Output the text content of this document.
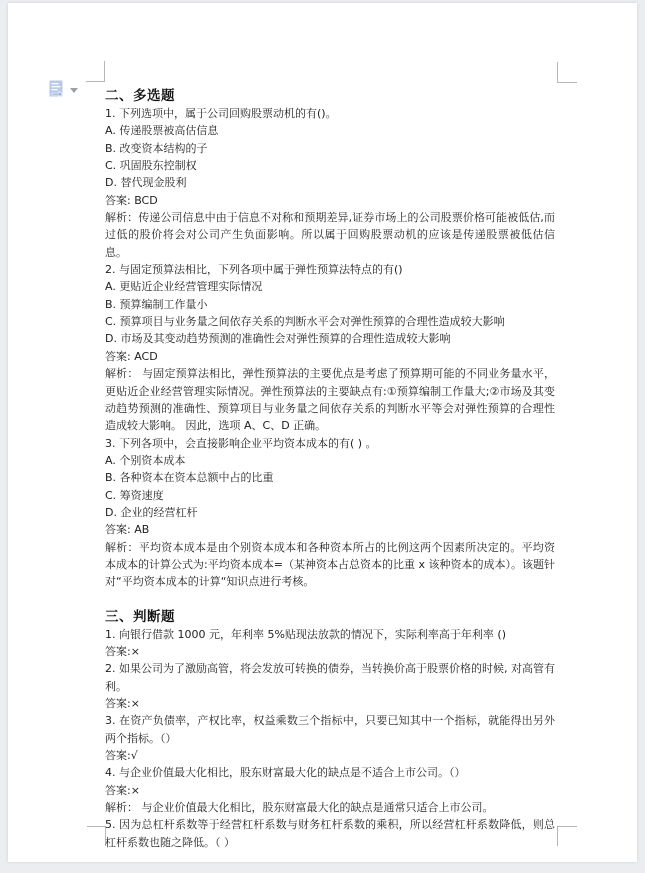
二、多选题
1. 下列选项中，属于公司回购股票动机的有()。
A. 传递股票被高估信息
B. 改变资本结构的子
C. 巩固股东控制权
D. 替代现金股利
答案: BCD
解析：传递公司信息中由于信息不对称和预期差异,证券市场上的公司股票价格可能被低估,而过低的股价将会对公司产生负面影响。所以属于回购股票动机的应该是传递股票被低估信息。
2. 与固定预算法相比，下列各项中属于弹性预算法特点的有()
A. 更贴近企业经营管理实际情况
B. 预算编制工作量小
C. 预算项目与业务量之间依存关系的判断水平会对弹性预算的合理性造成较大影响
D. 市场及其变动趋势预测的准确性会对弹性预算的合理性造成较大影响
答案: ACD
解析： 与固定预算法相比，弹性预算法的主要优点是考虑了预算期可能的不同业务量水平，更贴近企业经营管理实际情况。弹性预算法的主要缺点有:①预算编制工作量大;②市场及其变动趋势预测的准确性、预算项目与业务量之间依存关系的判断水平等会对弹性预算的合理性造成较大影响。 因此，选项 A、C、D 正确。
3. 下列各项中，会直接影响企业平均资本成本的有( ) 。
A. 个别资本成本
B. 各种资本在资本总额中占的比重
C. 筹资速度
D. 企业的经营杠杆
答案: AB
解析：平均资本成本是由个别资本成本和各种资本所占的比例这两个因素所决定的。平均资本成本的计算公式为:平均资本成本=（某神资本占总资本的比重 x 该种资本的成本）。该题针对“平均资本成本的计算“知识点进行考核。
三、判断题
1. 向银行借款 1000 元，年利率 5%贴现法放款的情况下，实际利率高于年利率 ()
答案:×
2. 如果公司为了激励高管，将会发放可转换的债券，当转换价高于股票价格的时候, 对高管有利。
答案:×
3. 在资产负债率，产权比率，权益乘数三个指标中，只要已知其中一个指标，就能得出另外两个指标。（）
答案:√
4. 与企业价值最大化相比，股东财富最大化的缺点是不适合上市公司。（）
答案:×
解析： 与企业价值最大化相比，股东财富最大化的缺点是通常只适合上市公司。
5. 因为总杠杆系数等于经营杠杆系数与财务杠杆系数的乘积，所以经营杠杆系数降低，则总杠杆系数也随之降低。（ ）
